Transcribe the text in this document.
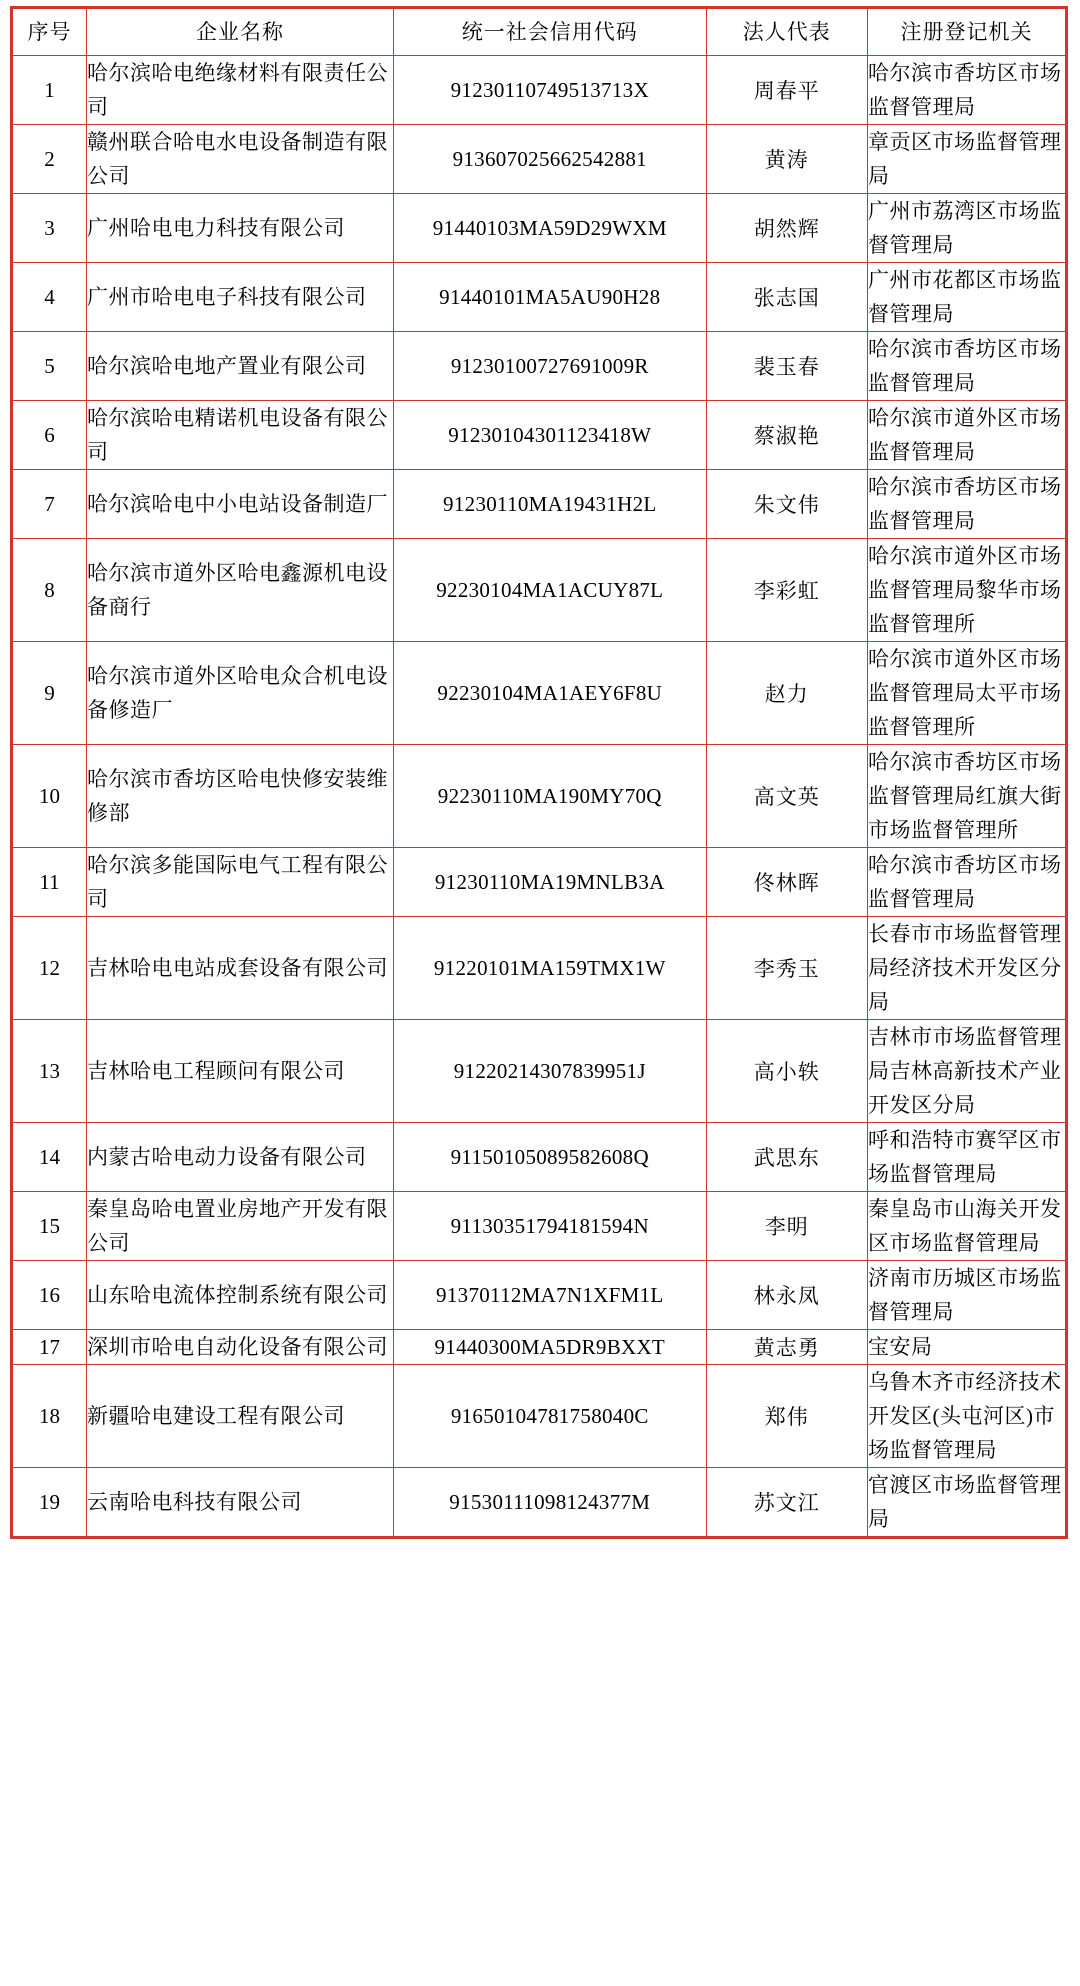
序号	企业名称	统一社会信用代码	法人代表	注册登记机关
1	哈尔滨哈电绝缘材料有限责任公司	91230110749513713X	周春平	哈尔滨市香坊区市场监督管理局
2	赣州联合哈电水电设备制造有限公司	913607025662542881	黄涛	章贡区市场监督管理局
3	广州哈电电力科技有限公司	91440103MA59D29WXM	胡然辉	广州市荔湾区市场监督管理局
4	广州市哈电电子科技有限公司	91440101MA5AU90H28	张志国	广州市花都区市场监督管理局
5	哈尔滨哈电地产置业有限公司	91230100727691009R	裴玉春	哈尔滨市香坊区市场监督管理局
6	哈尔滨哈电精诺机电设备有限公司	91230104301123418W	蔡淑艳	哈尔滨市道外区市场监督管理局
7	哈尔滨哈电中小电站设备制造厂	91230110MA19431H2L	朱文伟	哈尔滨市香坊区市场监督管理局
8	哈尔滨市道外区哈电鑫源机电设备商行	92230104MA1ACUY87L	李彩虹	哈尔滨市道外区市场监督管理局黎华市场监督管理所
9	哈尔滨市道外区哈电众合机电设备修造厂	92230104MA1AEY6F8U	赵力	哈尔滨市道外区市场监督管理局太平市场监督管理所
10	哈尔滨市香坊区哈电快修安装维修部	92230110MA190MY70Q	高文英	哈尔滨市香坊区市场监督管理局红旗大街市场监督管理所
11	哈尔滨多能国际电气工程有限公司	91230110MA19MNLB3A	佟林晖	哈尔滨市香坊区市场监督管理局
12	吉林哈电电站成套设备有限公司	91220101MA159TMX1W	李秀玉	长春市市场监督管理局经济技术开发区分局
13	吉林哈电工程顾问有限公司	91220214307839951J	高小轶	吉林市市场监督管理局吉林高新技术产业开发区分局
14	内蒙古哈电动力设备有限公司	91150105089582608Q	武思东	呼和浩特市赛罕区市场监督管理局
15	秦皇岛哈电置业房地产开发有限公司	91130351794181594N	李明	秦皇岛市山海关开发区市场监督管理局
16	山东哈电流体控制系统有限公司	91370112MA7N1XFM1L	林永凤	济南市历城区市场监督管理局
17	深圳市哈电自动化设备有限公司	91440300MA5DR9BXXT	黄志勇	宝安局
18	新疆哈电建设工程有限公司	91650104781758040C	郑伟	乌鲁木齐市经济技术开发区(头屯河区)市场监督管理局
19	云南哈电科技有限公司	91530111098124377M	苏文江	官渡区市场监督管理局
